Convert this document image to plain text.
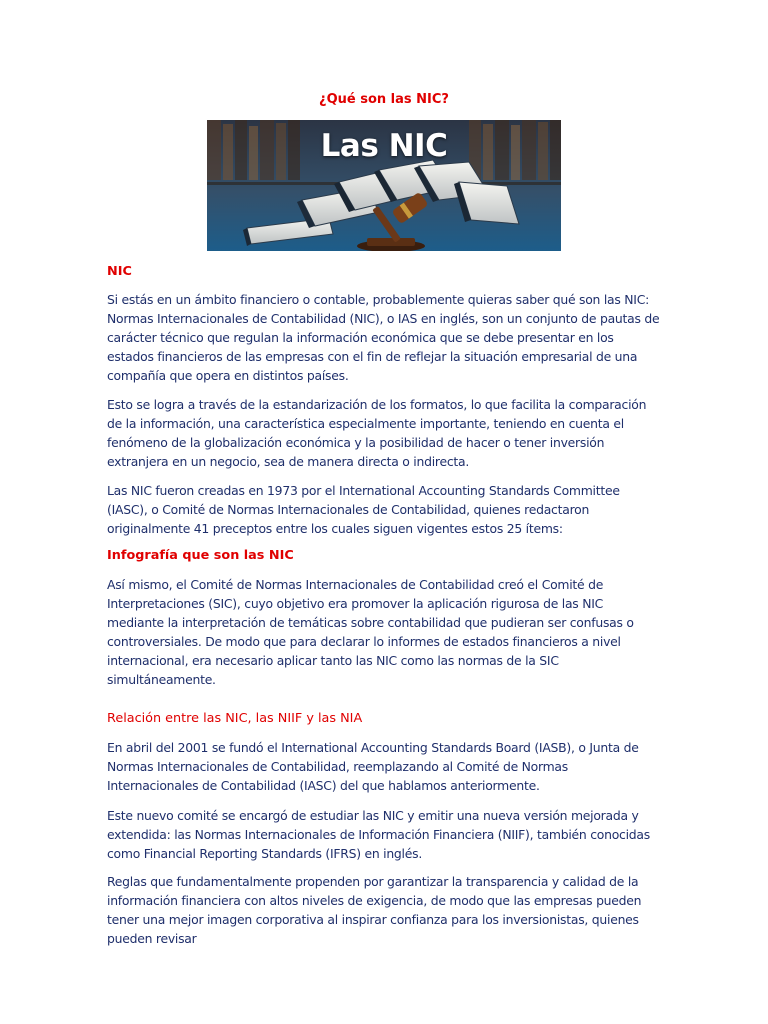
¿Qué son las NIC?
Las NIC
NIC
Si estás en un ámbito financiero o contable, probablemente quieras saber qué son las NIC: Normas Internacionales de Contabilidad (NIC), o IAS en inglés, son un conjunto de pautas de carácter técnico que regulan la información económica que se debe presentar en los estados financieros de las empresas con el fin de reflejar la situación empresarial de una compañía que opera en distintos países.
Esto se logra a través de la estandarización de los formatos, lo que facilita la comparación de la información, una característica especialmente importante, teniendo en cuenta el fenómeno de la globalización económica y la posibilidad de hacer o tener inversión extranjera en un negocio, sea de manera directa o indirecta.
Las NIC fueron creadas en 1973 por el International Accounting Standards Committee (IASC), o Comité de Normas Internacionales de Contabilidad, quienes redactaron originalmente 41 preceptos entre los cuales siguen vigentes estos 25 ítems:
Infografía que son las NIC
Así mismo, el Comité de Normas Internacionales de Contabilidad creó el Comité de Interpretaciones (SIC), cuyo objetivo era promover la aplicación rigurosa de las NIC mediante la interpretación de temáticas sobre contabilidad que pudieran ser confusas o controversiales. De modo que para declarar lo informes de estados financieros a nivel internacional, era necesario aplicar tanto las NIC como las normas de la SIC simultáneamente.
Relación entre las NIC, las NIIF y las NIA
En abril del 2001 se fundó el International Accounting Standards Board (IASB), o Junta de Normas Internacionales de Contabilidad, reemplazando al Comité de Normas Internacionales de Contabilidad (IASC) del que hablamos anteriormente.
Este nuevo comité se encargó de estudiar las NIC y emitir una nueva versión mejorada y extendida: las Normas Internacionales de Información Financiera (NIIF), también conocidas como Financial Reporting Standards (IFRS) en inglés.
Reglas que fundamentalmente propenden por garantizar la transparencia y calidad de la información financiera con altos niveles de exigencia, de modo que las empresas pueden tener una mejor imagen corporativa al inspirar confianza para los inversionistas, quienes pueden revisar
